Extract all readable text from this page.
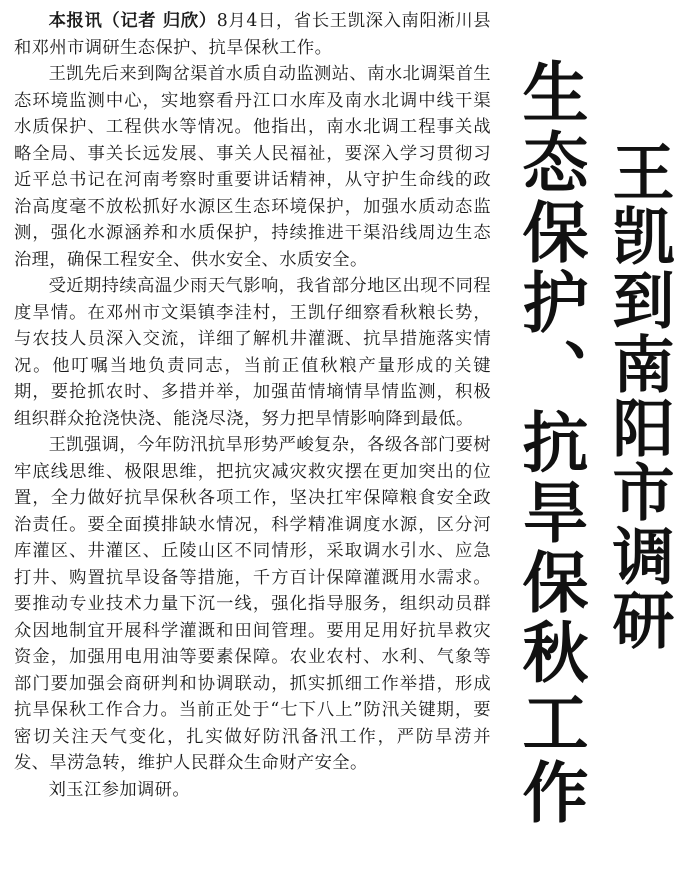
本报讯（记者 归欣）8月4日，省长王凯深入南阳淅川县和邓州市调研生态保护、抗旱保秋工作。

王凯先后来到陶岔渠首水质自动监测站、南水北调渠首生态环境监测中心，实地察看丹江口水库及南水北调中线干渠水质保护、工程供水等情况。他指出，南水北调工程事关战略全局、事关长远发展、事关人民福祉，要深入学习贯彻习近平总书记在河南考察时重要讲话精神，从守护生命线的政治高度毫不放松抓好水源区生态环境保护，加强水质动态监测，强化水源涵养和水质保护，持续推进干渠沿线周边生态治理，确保工程安全、供水安全、水质安全。

受近期持续高温少雨天气影响，我省部分地区出现不同程度旱情。在邓州市文渠镇李洼村，王凯仔细察看秋粮长势，与农技人员深入交流，详细了解机井灌溉、抗旱措施落实情况。他叮嘱当地负责同志，当前正值秋粮产量形成的关键期，要抢抓农时、多措并举，加强苗情墒情旱情监测，积极组织群众抢浇快浇、能浇尽浇，努力把旱情影响降到最低。

王凯强调，今年防汛抗旱形势严峻复杂，各级各部门要树牢底线思维、极限思维，把抗灾减灾救灾摆在更加突出的位置，全力做好抗旱保秋各项工作，坚决扛牢保障粮食安全政治责任。要全面摸排缺水情况，科学精准调度水源，区分河库灌区、井灌区、丘陵山区不同情形，采取调水引水、应急打井、购置抗旱设备等措施，千方百计保障灌溉用水需求。要推动专业技术力量下沉一线，强化指导服务，组织动员群众因地制宜开展科学灌溉和田间管理。要用足用好抗旱救灾资金，加强用电用油等要素保障。农业农村、水利、气象等部门要加强会商研判和协调联动，抓实抓细工作举措，形成抗旱保秋工作合力。当前正处于“七下八上”防汛关键期，要密切关注天气变化，扎实做好防汛备汛工作，严防旱涝并发、旱涝急转，维护人民群众生命财产安全。

刘玉江参加调研。	生态保护、抗旱保秋工作 王凯到南阳市调研
